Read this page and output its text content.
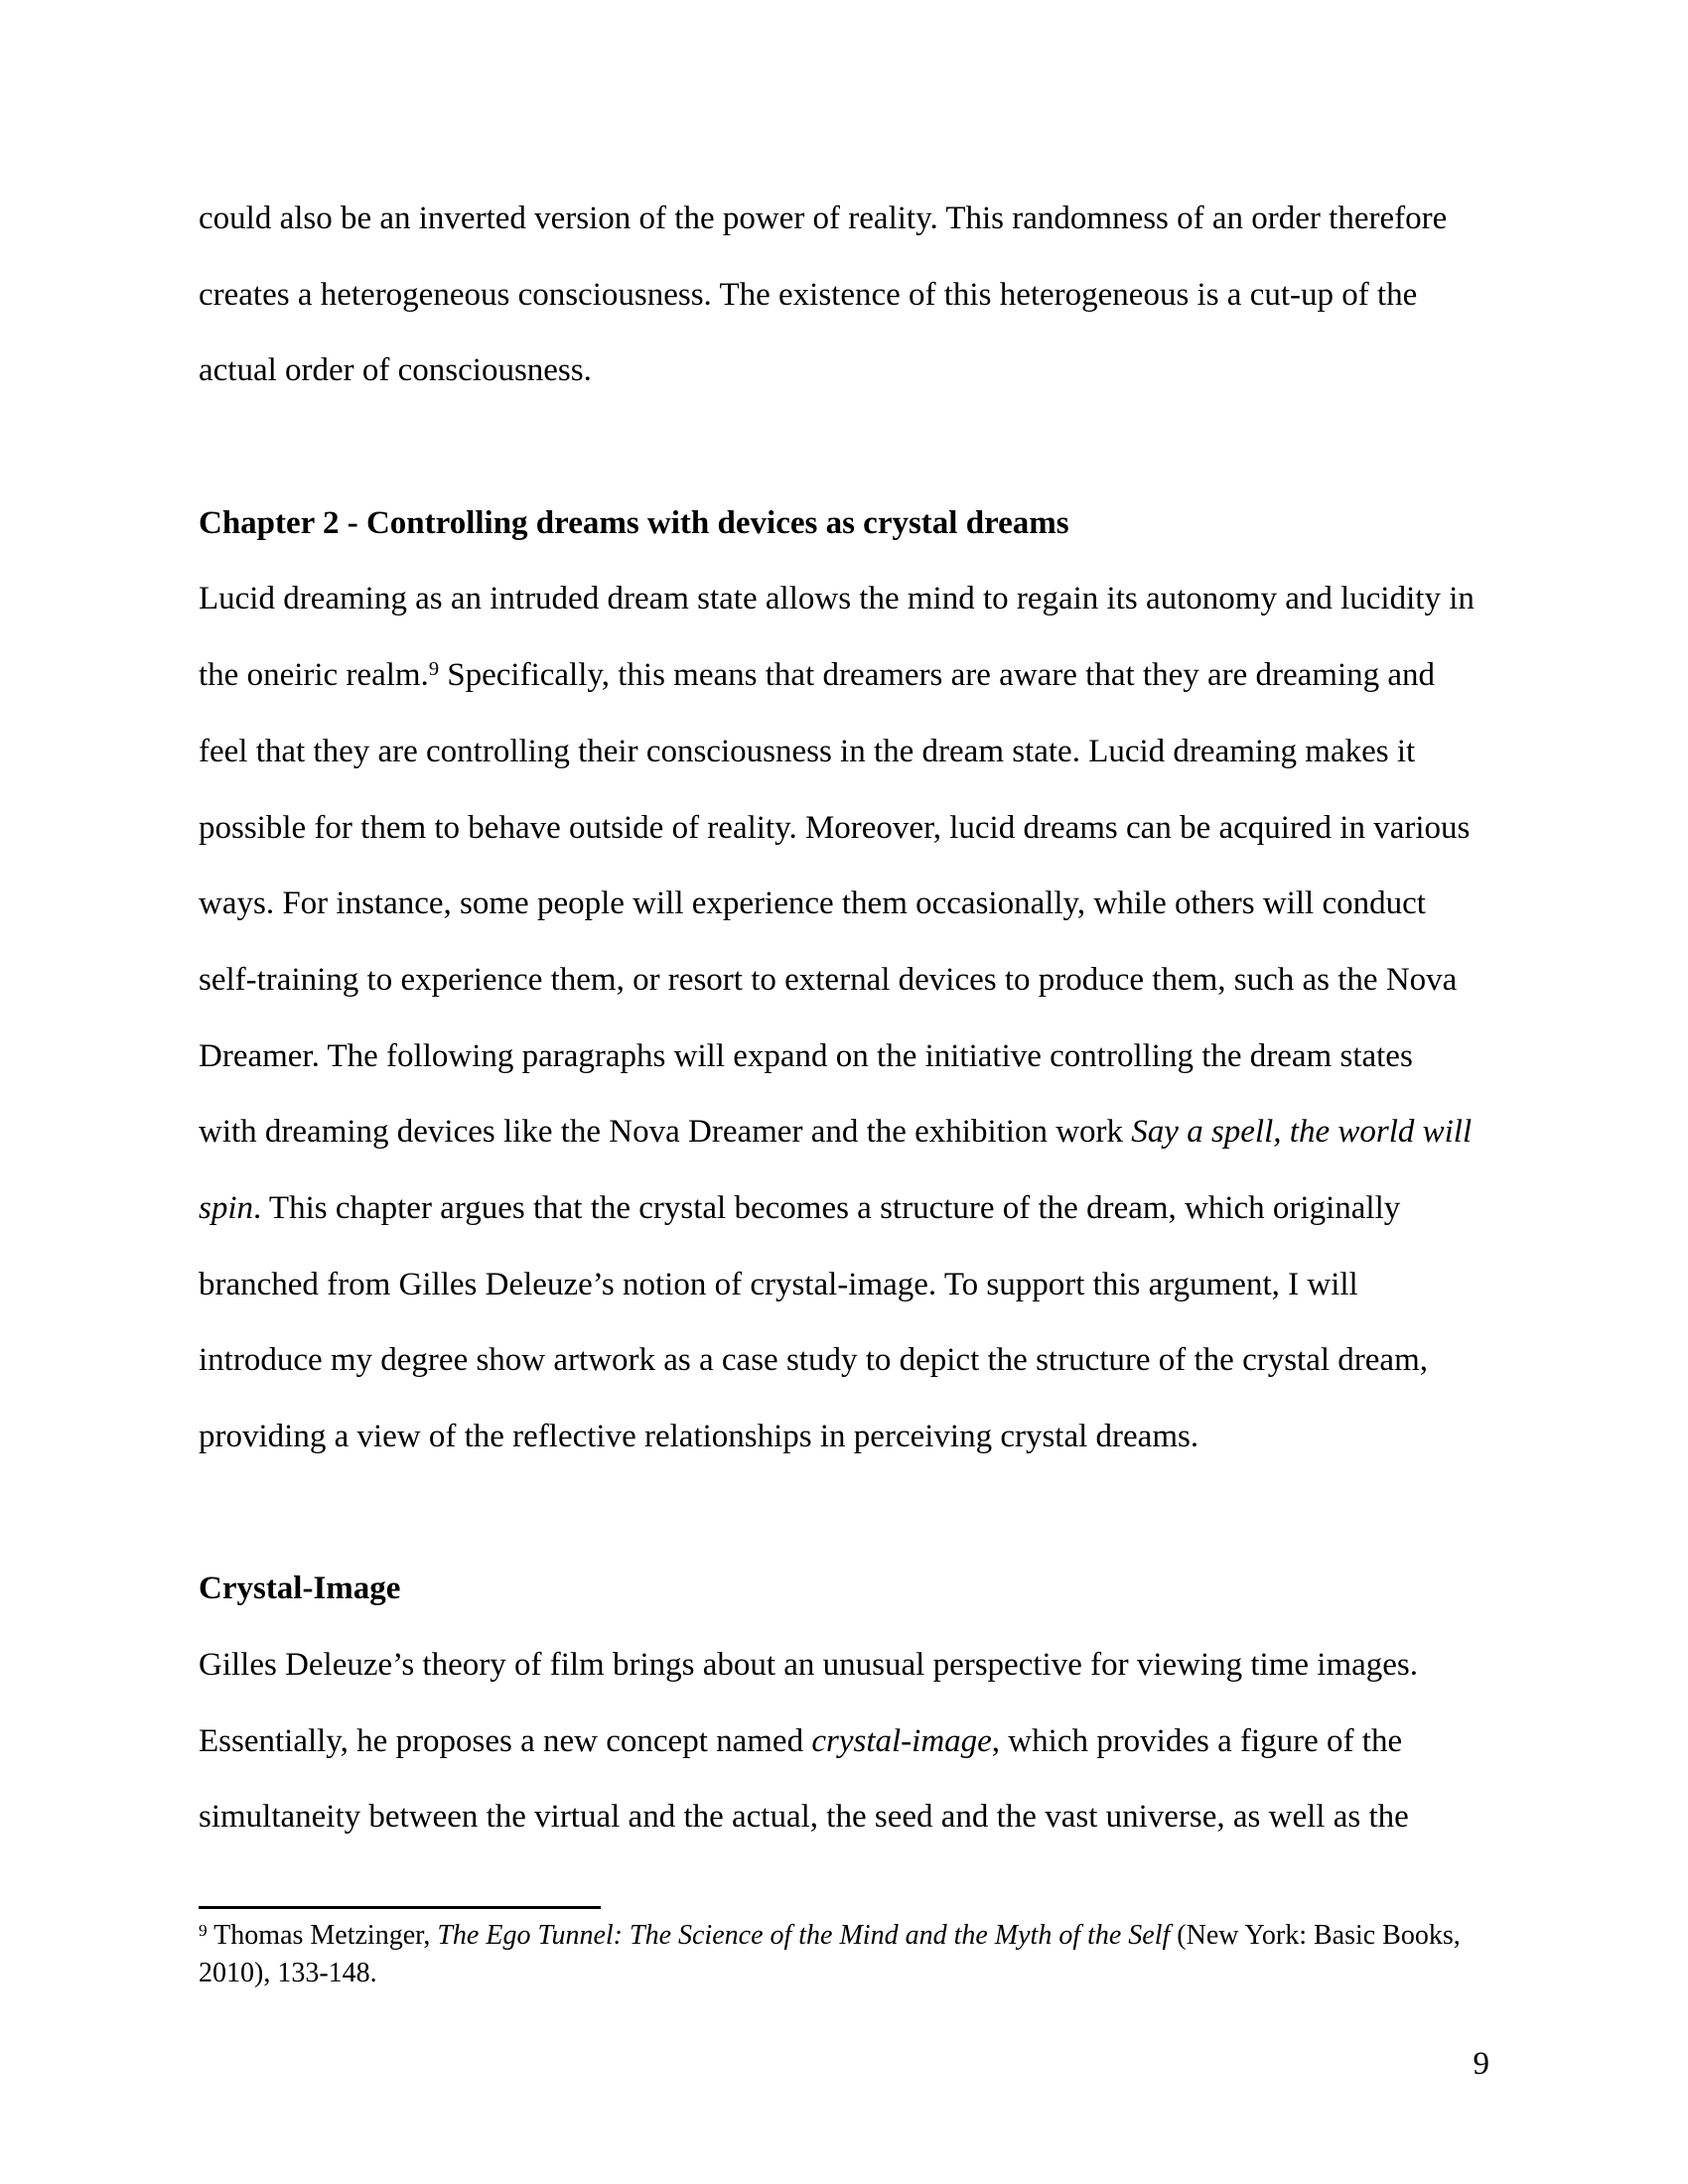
could also be an inverted version of the power of reality. This randomness of an order therefore
creates a heterogeneous consciousness. The existence of this heterogeneous is a cut-up of the
actual order of consciousness.
Chapter 2 - Controlling dreams with devices as crystal dreams
Lucid dreaming as an intruded dream state allows the mind to regain its autonomy and lucidity in
the oneiric realm.$^9$ Specifically, this means that dreamers are aware that they are dreaming and
feel that they are controlling their consciousness in the dream state. Lucid dreaming makes it
possible for them to behave outside of reality. Moreover, lucid dreams can be acquired in various
ways. For instance, some people will experience them occasionally, while others will conduct
self-training to experience them, or resort to external devices to produce them, such as the Nova
Dreamer. The following paragraphs will expand on the initiative controlling the dream states
with dreaming devices like the Nova Dreamer and the exhibition work Say a spell, the world will
spin. This chapter argues that the crystal becomes a structure of the dream, which originally
branched from Gilles Deleuze’s notion of crystal-image. To support this argument, I will
introduce my degree show artwork as a case study to depict the structure of the crystal dream,
providing a view of the reflective relationships in perceiving crystal dreams.
Crystal-Image
Gilles Deleuze’s theory of film brings about an unusual perspective for viewing time images.
Essentially, he proposes a new concept named crystal-image, which provides a figure of the
simultaneity between the virtual and the actual, the seed and the vast universe, as well as the
$^9$ Thomas Metzinger, The Ego Tunnel: The Science of the Mind and the Myth of the Self (New York: Basic Books,
2010), 133-148.
9
